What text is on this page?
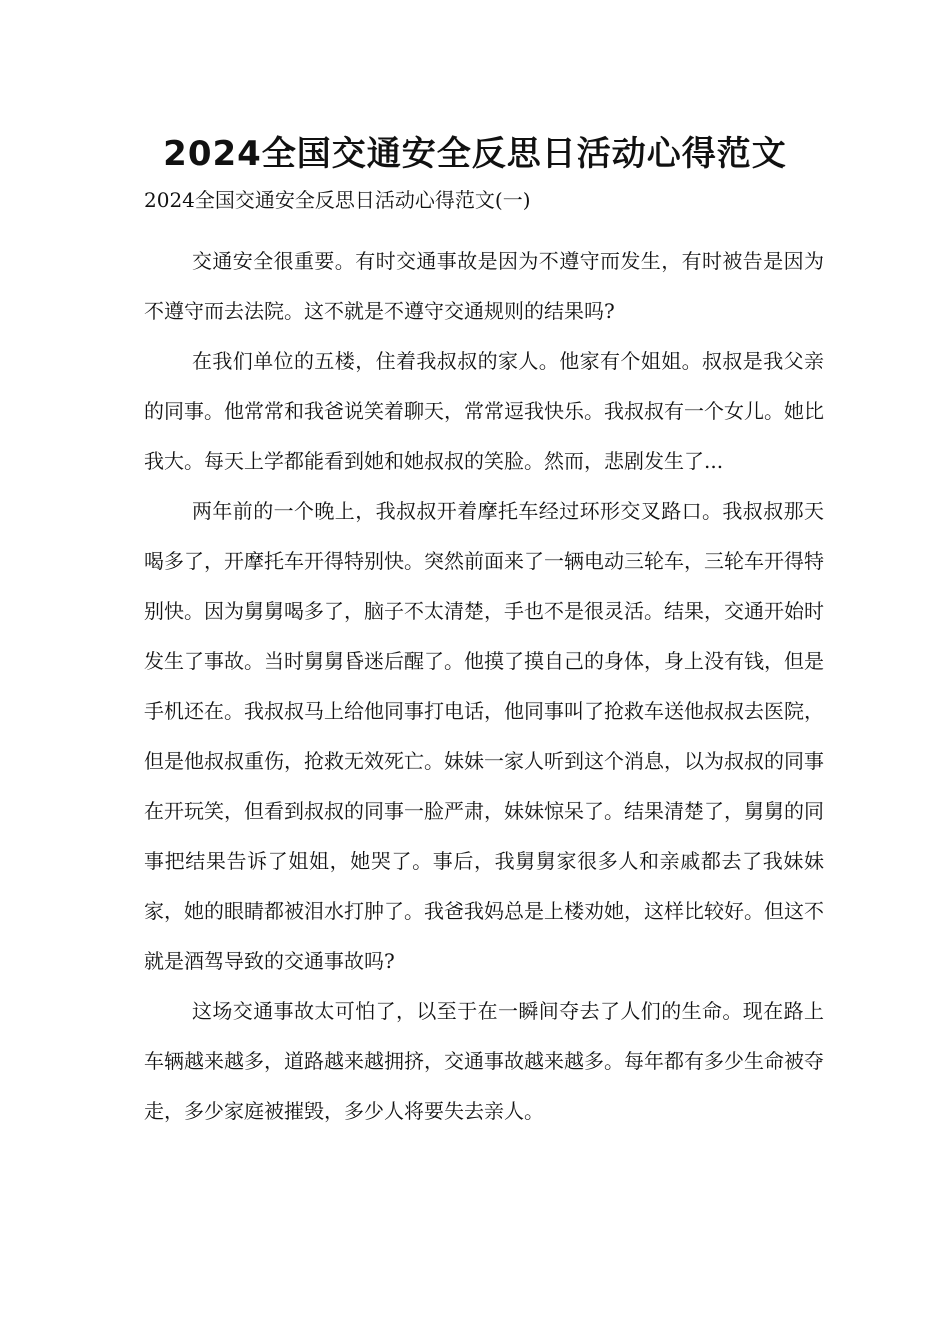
2024全国交通安全反思日活动心得范文

2024全国交通安全反思日活动心得范文(一)

交通安全很重要。有时交通事故是因为不遵守而发生，有时被告是因为不遵守而去法院。这不就是不遵守交通规则的结果吗?

在我们单位的五楼，住着我叔叔的家人。他家有个姐姐。叔叔是我父亲的同事。他常常和我爸说笑着聊天，常常逗我快乐。我叔叔有一个女儿。她比我大。每天上学都能看到她和她叔叔的笑脸。然而，悲剧发生了...

两年前的一个晚上，我叔叔开着摩托车经过环形交叉路口。我叔叔那天喝多了，开摩托车开得特别快。突然前面来了一辆电动三轮车，三轮车开得特别快。因为舅舅喝多了，脑子不太清楚，手也不是很灵活。结果，交通开始时发生了事故。当时舅舅昏迷后醒了。他摸了摸自己的身体，身上没有钱，但是手机还在。我叔叔马上给他同事打电话，他同事叫了抢救车送他叔叔去医院，但是他叔叔重伤，抢救无效死亡。妹妹一家人听到这个消息，以为叔叔的同事在开玩笑，但看到叔叔的同事一脸严肃，妹妹惊呆了。结果清楚了，舅舅的同事把结果告诉了姐姐，她哭了。事后，我舅舅家很多人和亲戚都去了我妹妹家，她的眼睛都被泪水打肿了。我爸我妈总是上楼劝她，这样比较好。但这不就是酒驾导致的交通事故吗?

这场交通事故太可怕了，以至于在一瞬间夺去了人们的生命。现在路上车辆越来越多，道路越来越拥挤，交通事故越来越多。每年都有多少生命被夺走，多少家庭被摧毁，多少人将要失去亲人。
